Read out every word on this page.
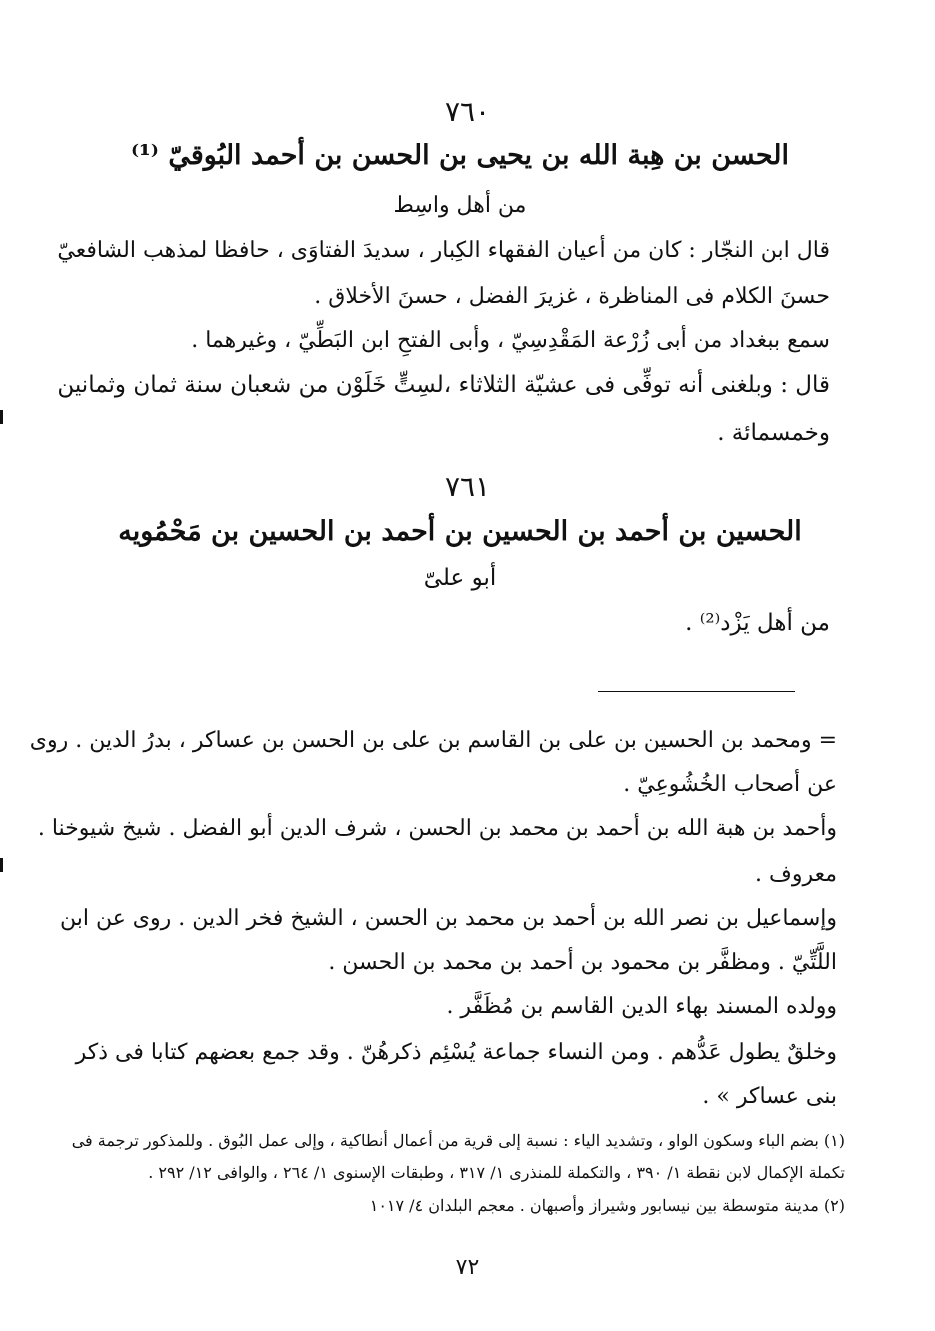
٧٦٠
الحسن بن هِبة الله بن يحيى بن الحسن بن أحمد البُوقيّ ⁽¹⁾
من أهل واسِط
قال ابن النجّار : كان من أعيان الفقهاء الكِبار ، سديدَ الفتاوَى ، حافظا لمذهب الشافعيّ
حسنَ الكلام فى المناظرة ، غزيرَ الفضل ، حسنَ الأخلاق .
سمع ببغداد من أبى زُرْعة المَقْدِسِيّ ، وأبى الفتحِ ابن البَطِّيّ ، وغيرهما .
قال : وبلغنى أنه توفِّى فى عشيّة الثلاثاء ،لسِتٍّ خَلَوْن من شعبان سنة ثمان وثمانين
وخمسمائة .
٧٦١
الحسين بن أحمد بن الحسين بن أحمد بن الحسين بن مَحْمُويه
أبو علىّ
من أهل يَزْد⁽²⁾ .
= ومحمد بن الحسين بن على بن القاسم بن على بن الحسن بن عساكر ، بدرُ الدين . روى
عن أصحاب الخُشُوعِيّ .
وأحمد بن هبة الله بن أحمد بن محمد بن الحسن ، شرف الدين أبو الفضل . شيخ شيوخنا .
معروف .
وإسماعيل بن نصر الله بن أحمد بن محمد بن الحسن ، الشيخ فخر الدين . روى عن ابن
اللَّتِّيّ . ومظفَّر بن محمود بن أحمد بن محمد بن الحسن .
وولده المسند بهاء الدين القاسم بن مُظَفَّر .
وخلقٌ يطول عَدُّهم . ومن النساء جماعة يُسْئِم ذكرهُنّ . وقد جمع بعضهم كتابا فى ذكر
بنى عساكر » .
(١) بضم الباء وسكون الواو ، وتشديد الياء : نسبة إلى قرية من أعمال أنطاكية ، وإلى عمل البُوق . وللمذكور ترجمة فى
تكملة الإكمال لابن نقطة ١/ ٣٩٠ ، والتكملة للمنذرى ١/ ٣١٧ ، وطبقات الإسنوى ١/ ٢٦٤ ، والوافى ١٢/ ٢٩٢ .
(٢) مدينة متوسطة بين نيسابور وشيراز وأصبهان . معجم البلدان ٤/ ١٠١٧
٧٢
